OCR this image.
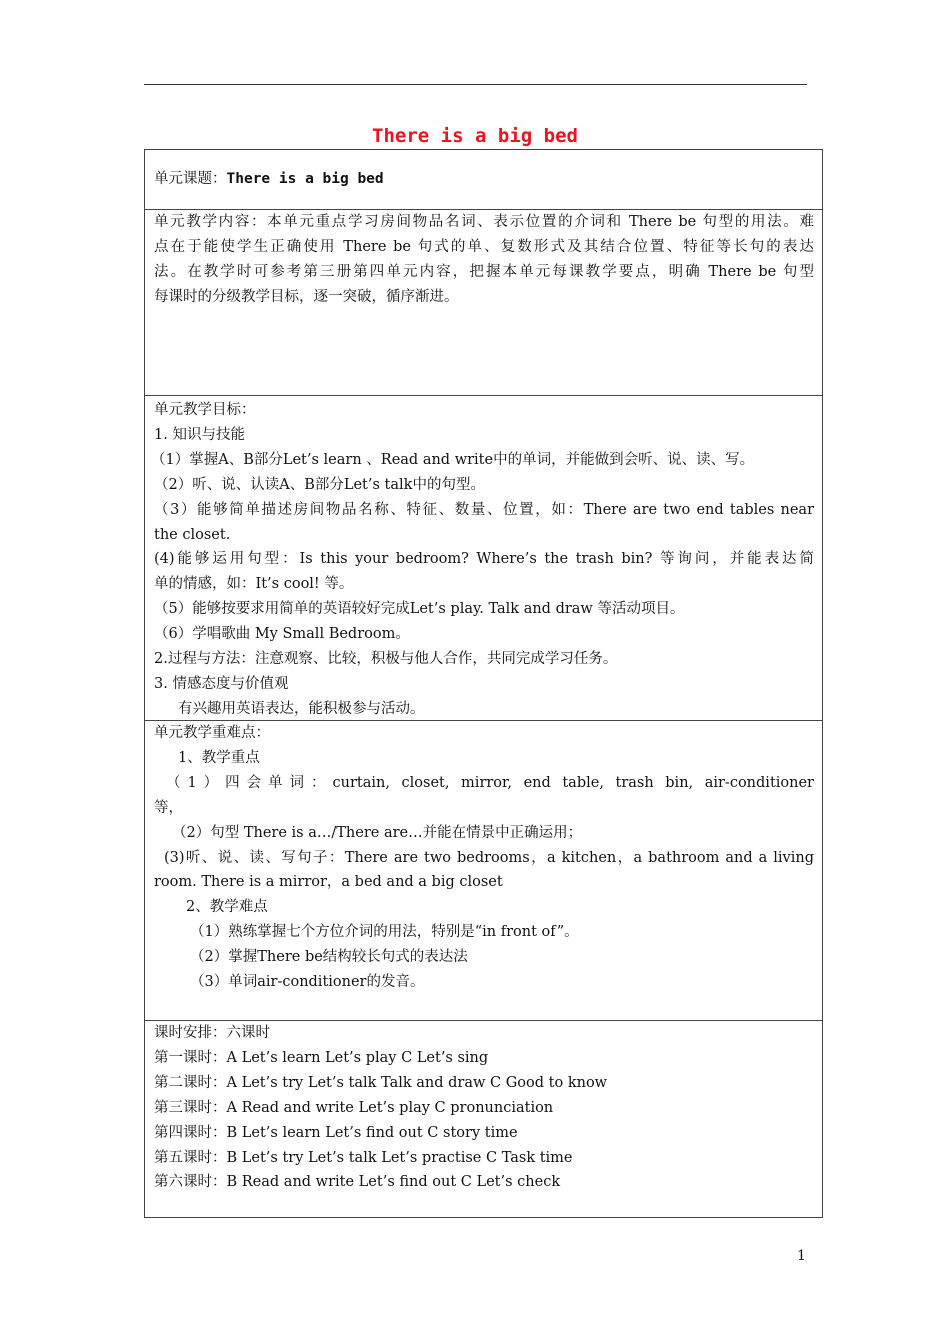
There is a big bed
单元课题：There is a big bed
单元教学内容：本单元重点学习房间物品名词、表示位置的介词和 There be 句型的用法。难
点在于能使学生正确使用 There be 句式的单、复数形式及其结合位置、特征等长句的表达
法。在教学时可参考第三册第四单元内容，把握本单元每课教学要点，明确 There be 句型
每课时的分级教学目标，逐一突破，循序渐进。
单元教学目标：
1. 知识与技能
（1）掌握A、B部分Let’s learn 、Read and write中的单词，并能做到会听、说、读、写。
（2）听、说、认读A、B部分Let’s talk中的句型。
（3）能够简单描述房间物品名称、特征、数量、位置，如：There are two end tables near
the closet.
(4)能够运用句型：Is this your bedroom? Where’s the trash bin? 等询问，并能表达简
单的情感，如：It’s cool! 等。
（5）能够按要求用简单的英语较好完成Let’s play. Talk and draw 等活动项目。
（6）学唱歌曲 My Small Bedroom。
2.过程与方法：注意观察、比较，积极与他人合作，共同完成学习任务。
3. 情感态度与价值观
有兴趣用英语表达，能积极参与活动。
单元教学重难点：
1、教学重点
（1）四会单词：curtain, closet, mirror, end table, trash bin, air-conditioner
等，
（2）句型 There is a…/There are…并能在情景中正确运用；
(3)听、说、读、写句子：There are two bedrooms，a kitchen，a bathroom and a living
room. There is a mirror，a bed and a big closet
2、教学难点
（1）熟练掌握七个方位介词的用法，特别是“in front of”。
（2）掌握There be结构较长句式的表达法
（3）单词air-conditioner的发音。
课时安排：六课时
第一课时：A Let’s learn Let’s play C Let’s sing
第二课时：A Let’s try Let’s talk Talk and draw C Good to know
第三课时：A Read and write Let’s play C pronunciation
第四课时：B Let’s learn Let’s find out C story time
第五课时：B Let’s try Let’s talk Let’s practise C Task time
第六课时：B Read and write Let’s find out C Let’s check
1
